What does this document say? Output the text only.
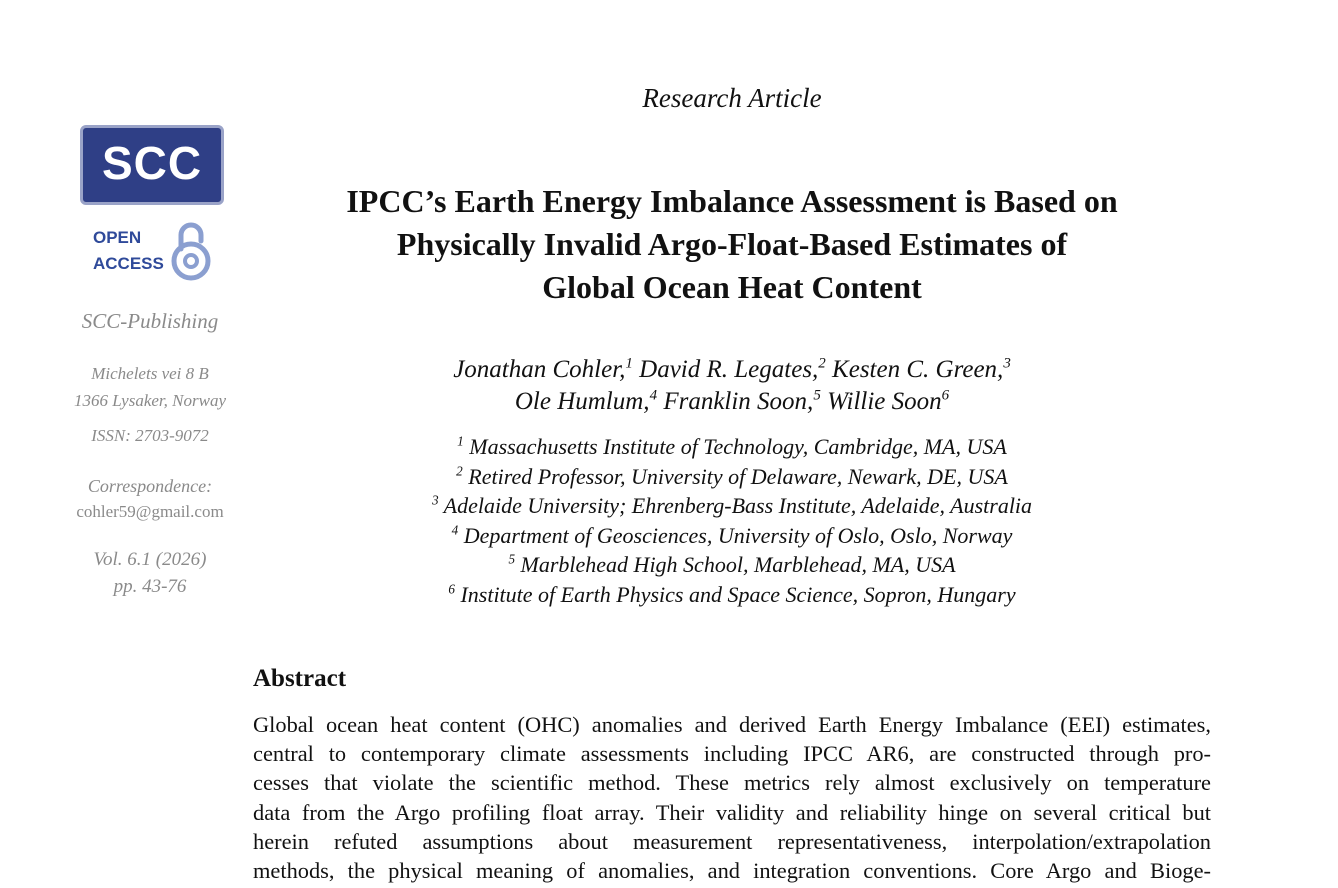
SCC
OPEN
ACCESS
SCC-Publishing
Michelets vei 8 B
1366 Lysaker, Norway
ISSN: 2703-9072
Correspondence:
cohler59@gmail.com
Vol. 6.1 (2026)
pp. 43-76
Research Article
IPCC’s Earth Energy Imbalance Assessment is Based on
Physically Invalid Argo-Float-Based Estimates of
Global Ocean Heat Content
Jonathan Cohler,$^1$ David R. Legates,$^2$ Kesten C. Green,$^3$
Ole Humlum,$^4$ Franklin Soon,$^5$ Willie Soon$^6$
$^1$ Massachusetts Institute of Technology, Cambridge, MA, USA
$^2$ Retired Professor, University of Delaware, Newark, DE, USA
$^3$ Adelaide University; Ehrenberg-Bass Institute, Adelaide, Australia
$^4$ Department of Geosciences, University of Oslo, Oslo, Norway
$^5$ Marblehead High School, Marblehead, MA, USA
$^6$ Institute of Earth Physics and Space Science, Sopron, Hungary
Abstract
Global ocean heat content (OHC) anomalies and derived Earth Energy Imbalance (EEI) estimates,
central to contemporary climate assessments including IPCC AR6, are constructed through pro-
cesses that violate the scientific method. These metrics rely almost exclusively on temperature
data from the Argo profiling float array. Their validity and reliability hinge on several critical but
herein refuted assumptions about measurement representativeness, interpolation/extrapolation
methods, the physical meaning of anomalies, and integration conventions. Core Argo and Bioge-
